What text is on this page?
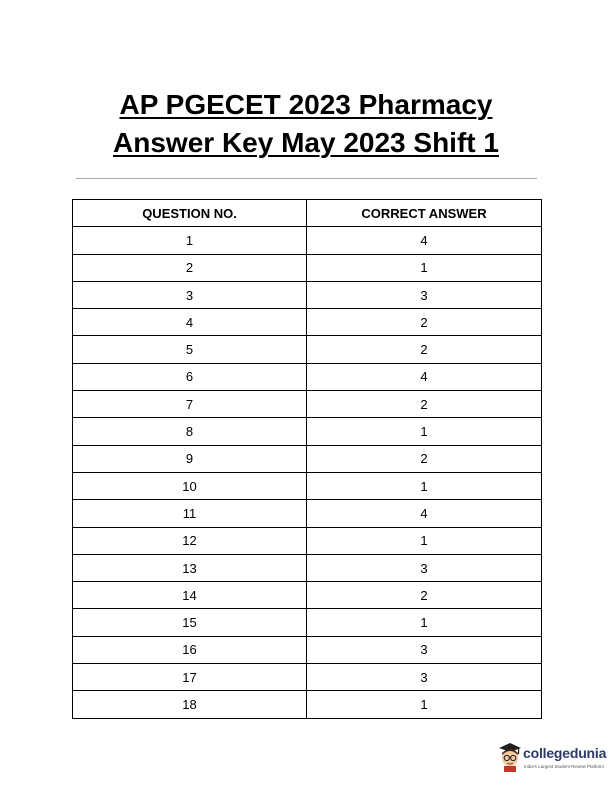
AP PGECET 2023 Pharmacy
Answer Key May 2023 Shift 1
QUESTION NO.	CORRECT ANSWER
1	4
2	1
3	3
4	2
5	2
6	4
7	2
8	1
9	2
10	1
11	4
12	1
13	3
14	2
15	1
16	3
17	3
18	1
collegedunia
India's Largest Student Review Platform
